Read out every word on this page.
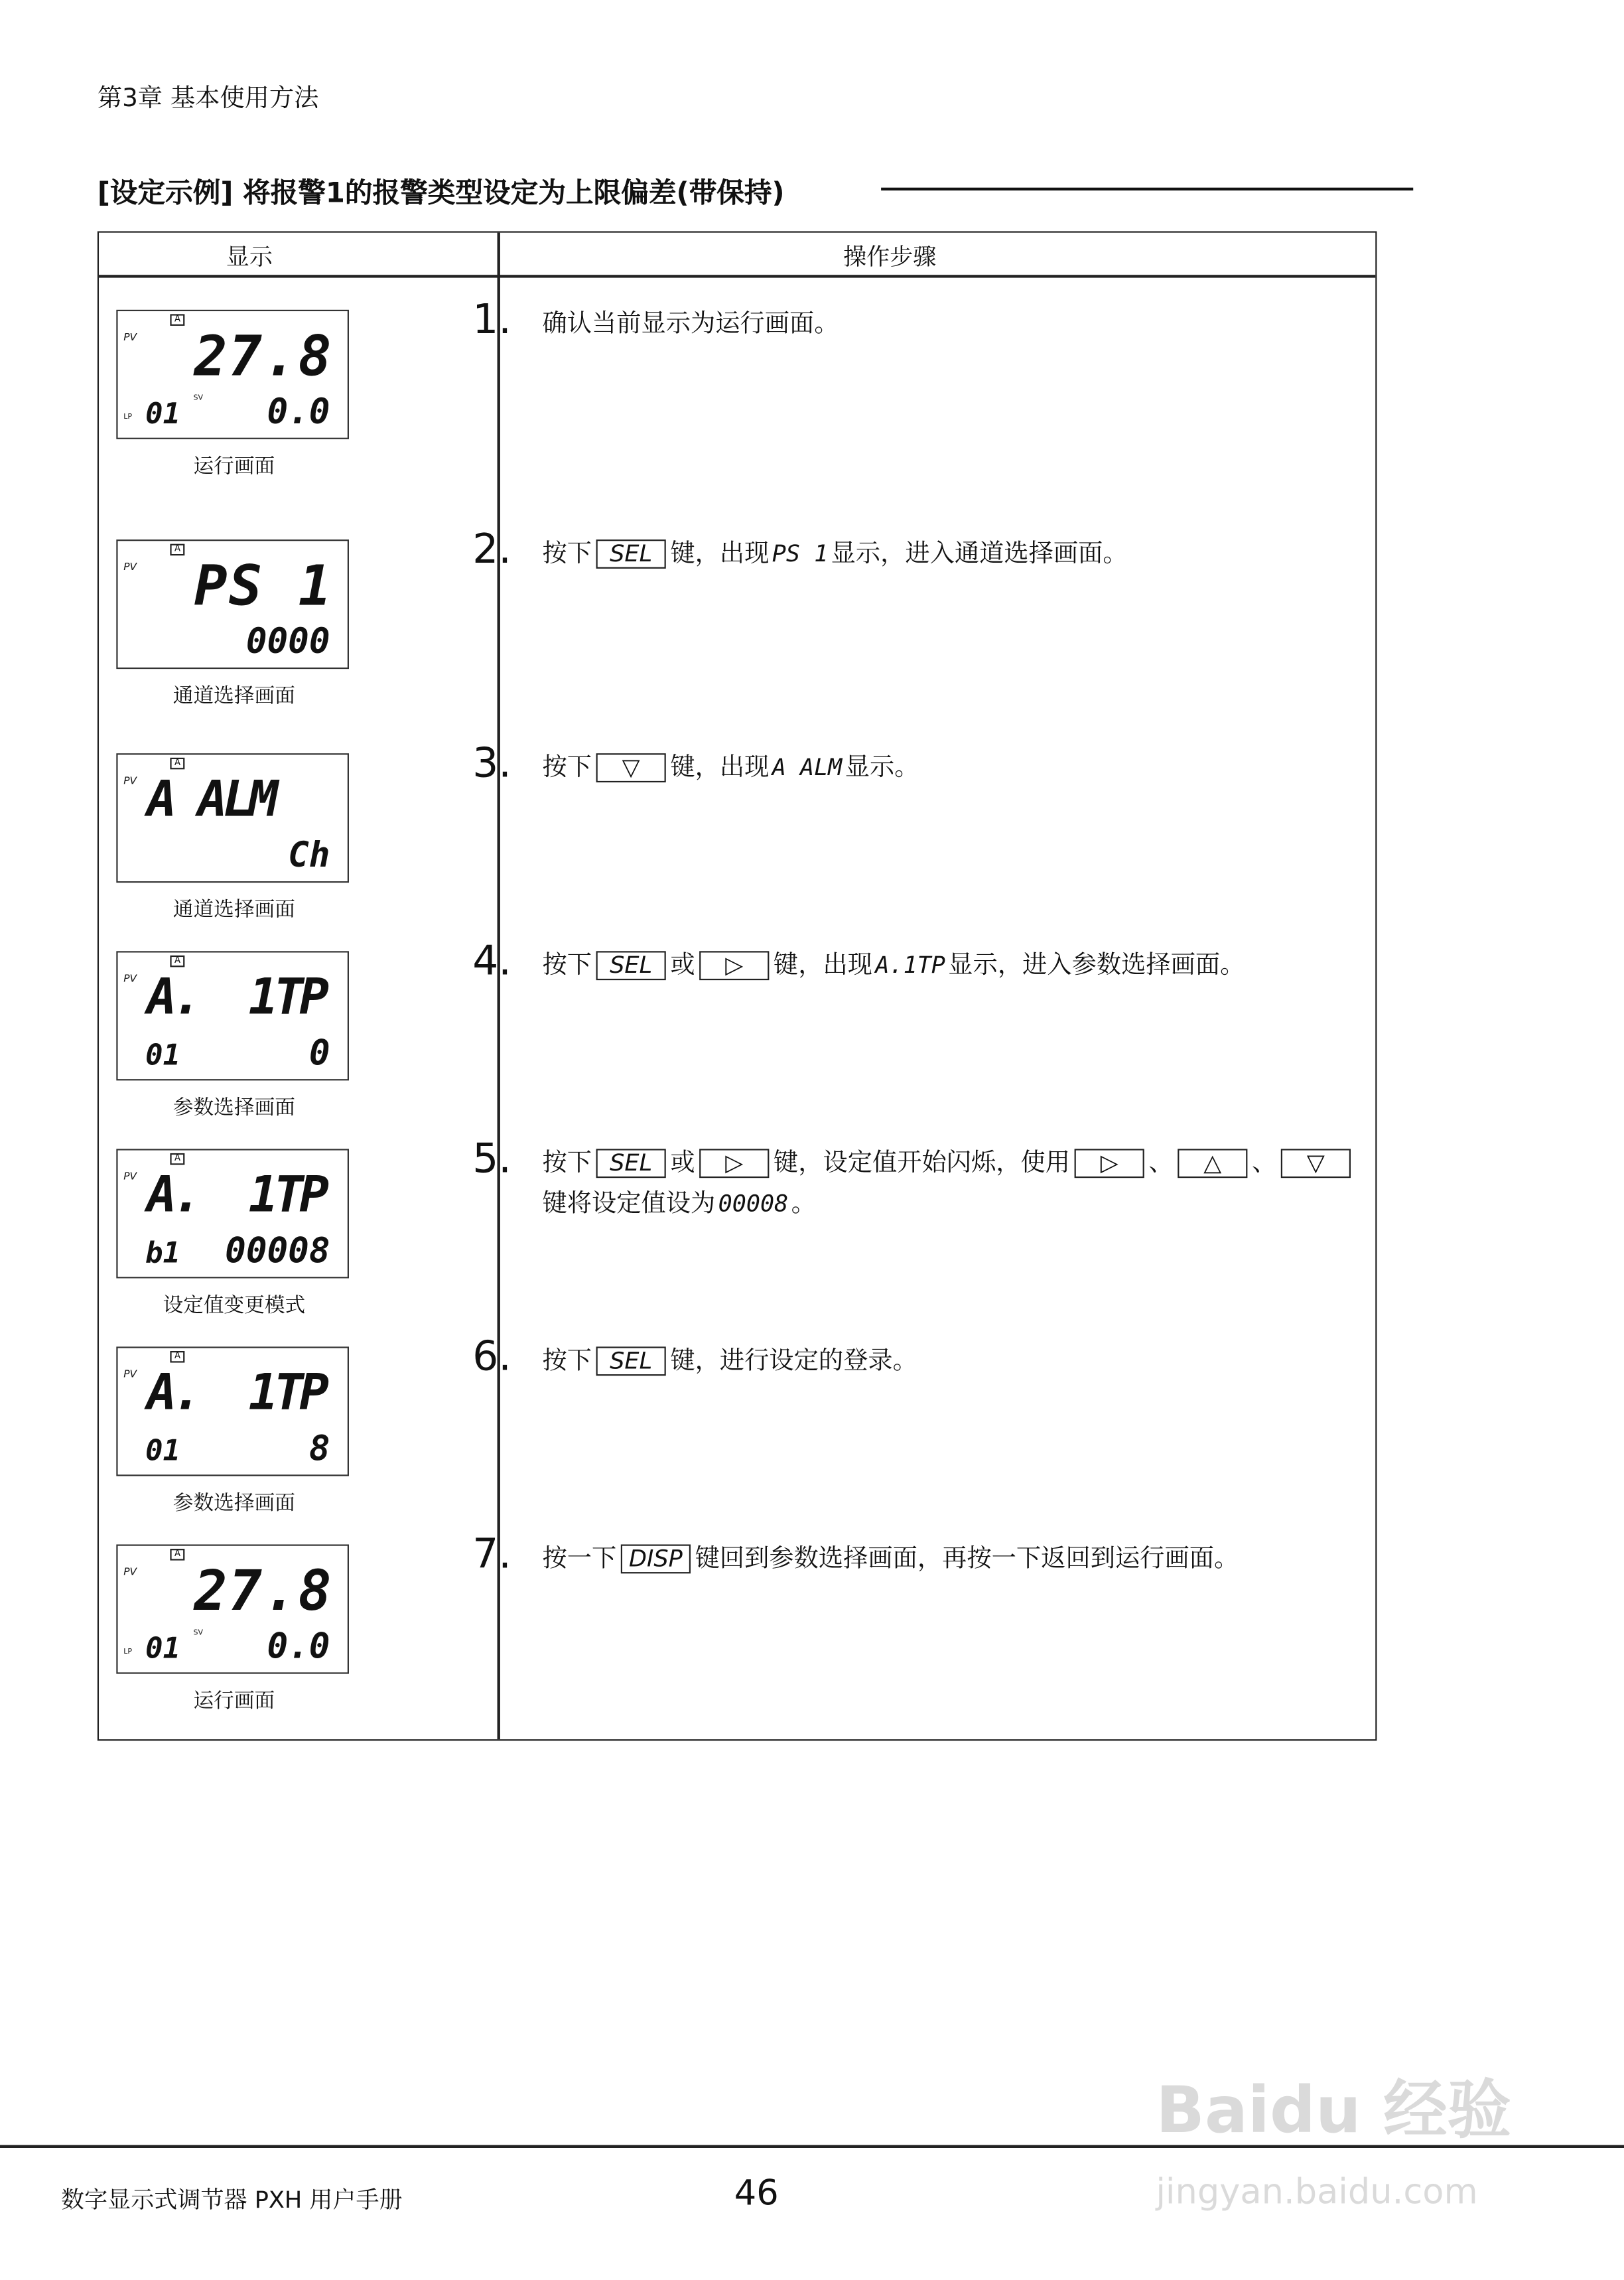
第3章 基本使用方法
[设定示例] 将报警1的报警类型设定为上限偏差(带保持)
显示	操作步骤
A
PV 27.8
01	0.0
LP
SV
运行画面
1.	确认当前显示为运行画面。
A
PV PS 1
0000
通道选择画面
2.	按下 SEL 键，出现 PS 1 显示，进入通道选择画面。
A
PV A ALM
Ch
通道选择画面
3.	按下	▽	键，出现 A ALM 显示。
A
PV A.  1TP
01	0
参数选择画面
4.	按下 SEL 或	▷	键，出现 A.1TP 显示，进入参数选择画面。
A
PV A.  1TP
b1	00008
设定值变更模式
5.	按下 SEL 或	▷	键，设定值开始闪烁，使用	▷	、	△	、	▽键将设定值设为 00008 。
A
PV A.  1TP
01	8
参数选择画面
6.	按下 SEL 键，进行设定的登录。
A
PV 27.8
01	0.0
LP
SV
运行画面
7.	按一下 DISP 键回到参数选择画面，再按一下返回到运行画面。
数字显示式调节器 PXH 用户手册	46
Baidu 经验
jingyan.baidu.com
